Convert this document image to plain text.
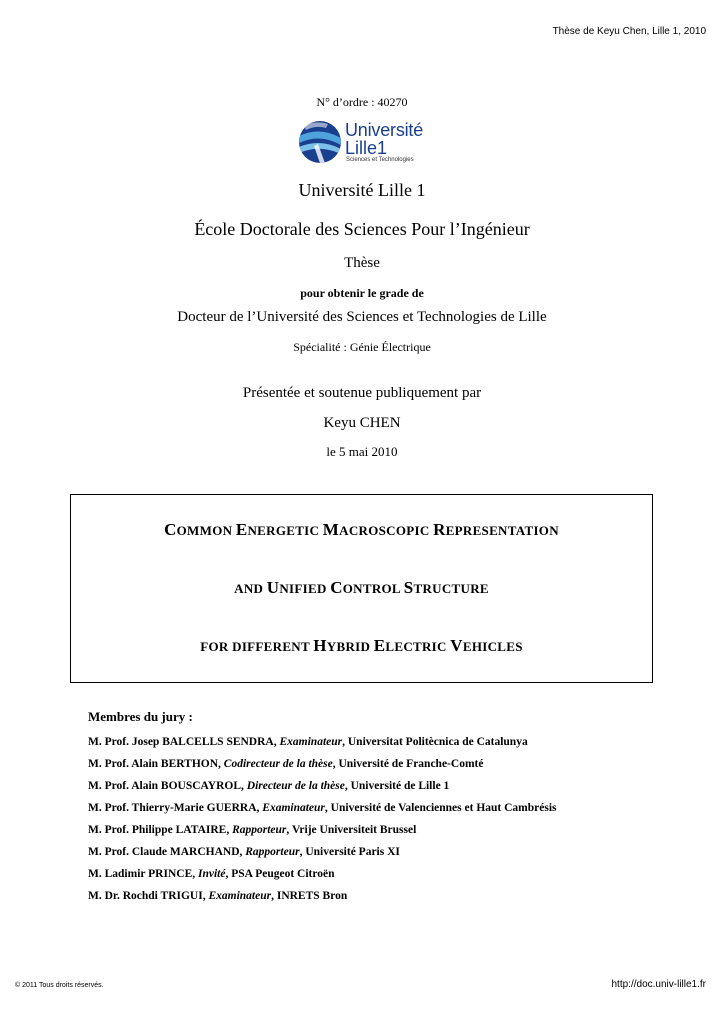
Thèse de Keyu Chen, Lille 1, 2010
N° d’ordre : 40270
Université
Lille1
Sciences et Technologies
Université Lille 1
École Doctorale des Sciences Pour l’Ingénieur
Thèse
pour obtenir le grade de
Docteur de l’Université des Sciences et Technologies de Lille
Spécialité : Génie Électrique
Présentée et soutenue publiquement par
Keyu CHEN
le 5 mai 2010
COMMON ENERGETIC MACROSCOPIC REPRESENTATION
AND UNIFIED CONTROL STRUCTURE
FOR DIFFERENT HYBRID ELECTRIC VEHICLES
Membres du jury :
M. Prof. Josep BALCELLS SENDRA, Examinateur, Universitat Politècnica de Catalunya
M. Prof. Alain BERTHON, Codirecteur de la thèse, Université de Franche-Comté
M. Prof. Alain BOUSCAYROL, Directeur de la thèse, Université de Lille 1
M. Prof. Thierry-Marie GUERRA, Examinateur, Université de Valenciennes et Haut Cambrésis
M. Prof. Philippe LATAIRE, Rapporteur, Vrije Universiteit Brussel
M. Prof. Claude MARCHAND, Rapporteur, Université Paris XI
M. Ladimir PRINCE, Invité, PSA Peugeot Citroën
M. Dr. Rochdi TRIGUI, Examinateur, INRETS Bron
© 2011 Tous droits réservés.	http://doc.univ-lille1.fr
